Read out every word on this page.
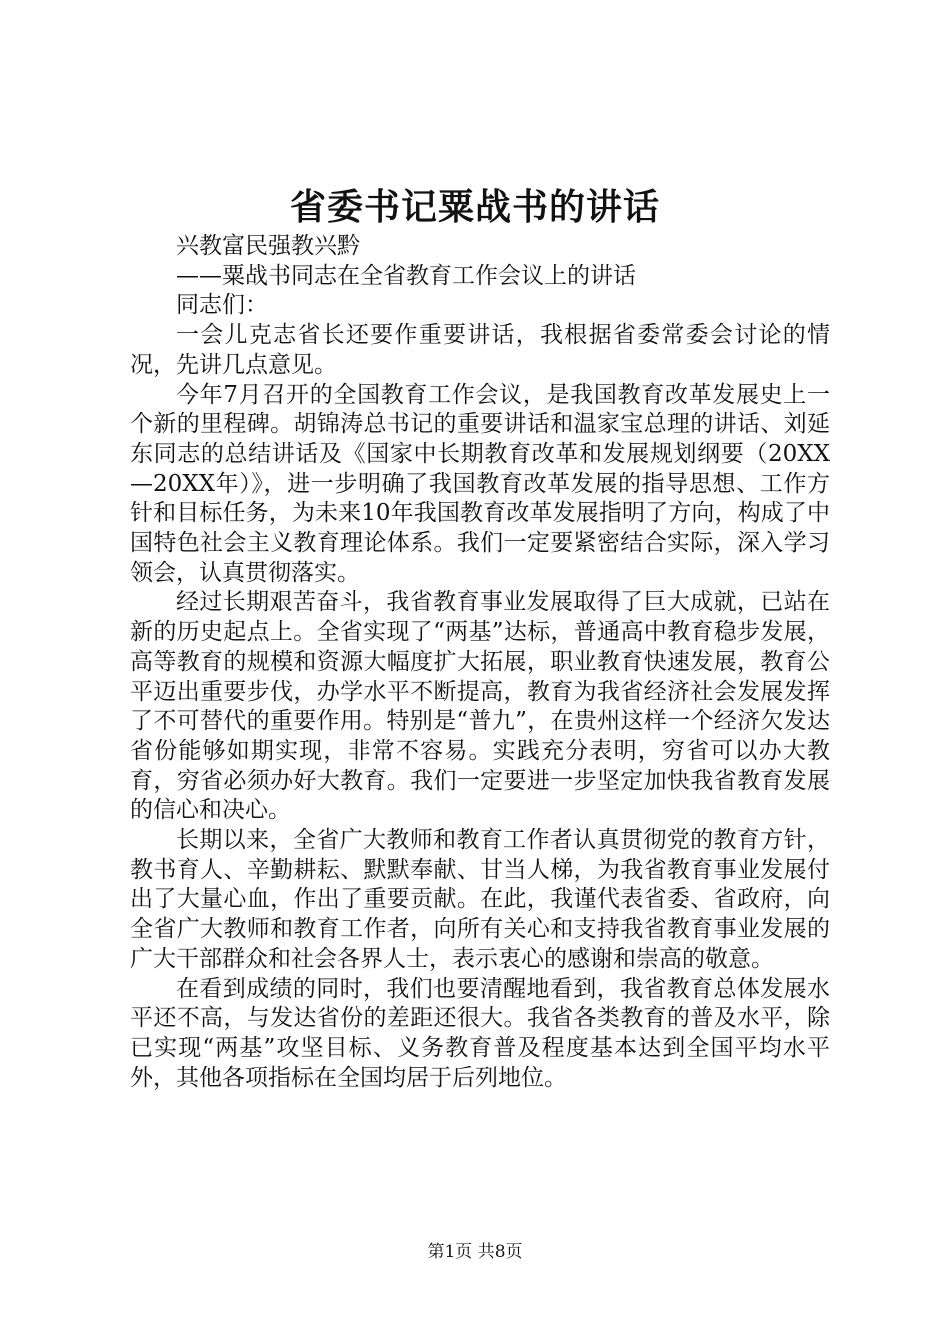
省委书记粟战书的讲话

兴教富民强教兴黔

——粟战书同志在全省教育工作会议上的讲话

同志们：

一会儿克志省长还要作重要讲话，我根据省委常委会讨论的情况，先讲几点意见。

今年7月召开的全国教育工作会议，是我国教育改革发展史上一个新的里程碑。胡锦涛总书记的重要讲话和温家宝总理的讲话、刘延东同志的总结讲话及《国家中长期教育改革和发展规划纲要（20XX—20XX年）》，进一步明确了我国教育改革发展的指导思想、工作方针和目标任务，为未来10年我国教育改革发展指明了方向，构成了中国特色社会主义教育理论体系。我们一定要紧密结合实际，深入学习领会，认真贯彻落实。

经过长期艰苦奋斗，我省教育事业发展取得了巨大成就，已站在新的历史起点上。全省实现了“两基”达标，普通高中教育稳步发展，高等教育的规模和资源大幅度扩大拓展，职业教育快速发展，教育公平迈出重要步伐，办学水平不断提高，教育为我省经济社会发展发挥了不可替代的重要作用。特别是“普九”，在贵州这样一个经济欠发达省份能够如期实现，非常不容易。实践充分表明，穷省可以办大教育，穷省必须办好大教育。我们一定要进一步坚定加快我省教育发展的信心和决心。

长期以来，全省广大教师和教育工作者认真贯彻党的教育方针，教书育人、辛勤耕耘、默默奉献、甘当人梯，为我省教育事业发展付出了大量心血，作出了重要贡献。在此，我谨代表省委、省政府，向全省广大教师和教育工作者，向所有关心和支持我省教育事业发展的广大干部群众和社会各界人士，表示衷心的感谢和崇高的敬意。

在看到成绩的同时，我们也要清醒地看到，我省教育总体发展水平还不高，与发达省份的差距还很大。我省各类教育的普及水平，除已实现“两基”攻坚目标、义务教育普及程度基本达到全国平均水平外，其他各项指标在全国均居于后列地位。

第1页 共8页
